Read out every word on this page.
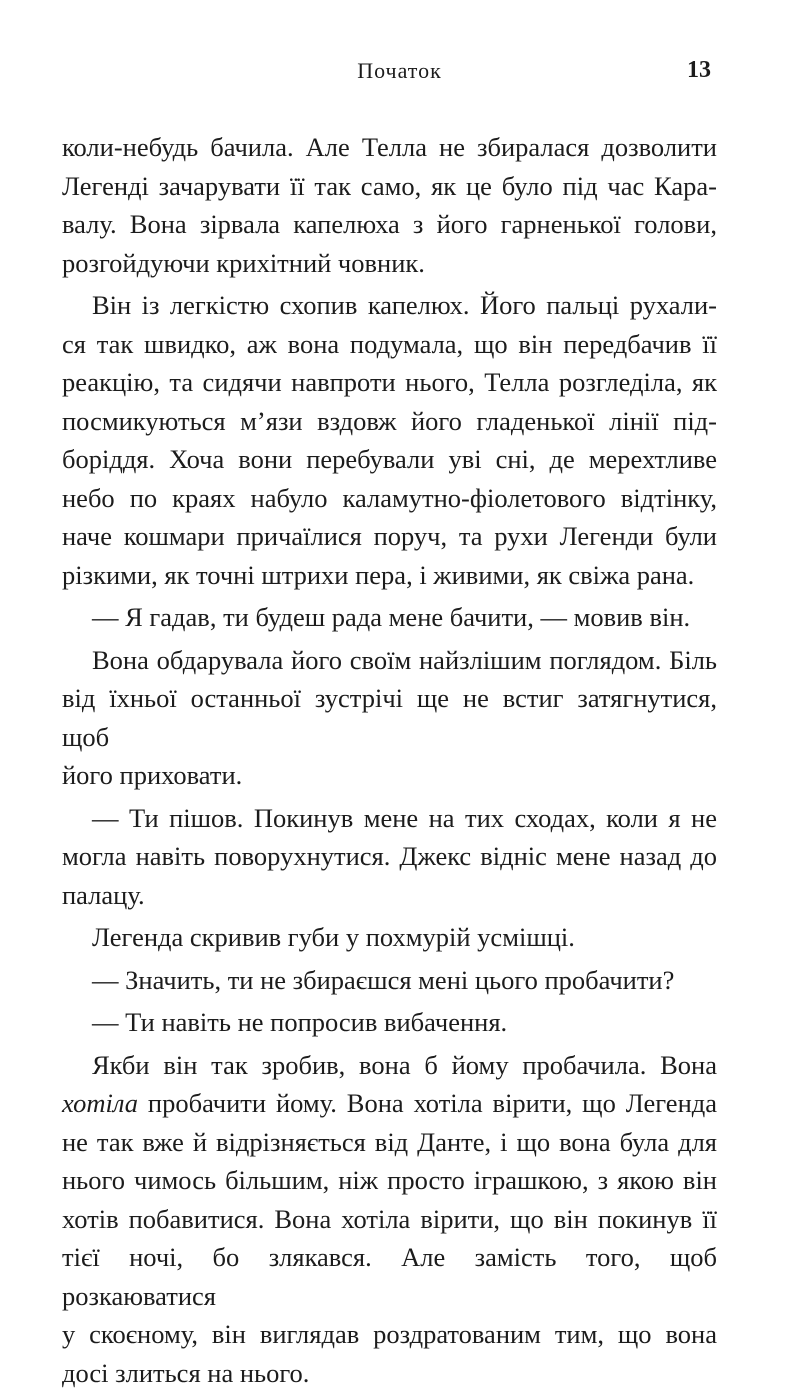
Початок	13
коли-небудь бачила. Але Телла не збиралася дозволити
Легенді зачарувати її так само, як це було під час Кара-
валу. Вона зірвала капелюха з його гарненької голови,
розгойдуючи крихітний човник.
Він із легкістю схопив капелюх. Його пальці рухали-
ся так швидко, аж вона подумала, що він передбачив її
реакцію, та сидячи навпроти нього, Телла розгледіла, як
посмикуються м’язи вздовж його гладенької лінії під-
боріддя. Хоча вони перебували уві сні, де мерехтливе
небо по краях набуло каламутно-фіолетового відтінку,
наче кошмари причаїлися поруч, та рухи Легенди були
різкими, як точні штрихи пера, і живими, як свіжа рана.
— Я гадав, ти будеш рада мене бачити, — мовив він.
Вона обдарувала його своїм найзлішим поглядом. Біль
від їхньої останньої зустрічі ще не встиг затягнутися, щоб
його приховати.
— Ти пішов. Покинув мене на тих сходах, коли я не
могла навіть поворухнутися. Джекс відніс мене назад до
палацу.
Легенда скривив губи у похмурій усмішці.
— Значить, ти не збираєшся мені цього пробачити?
— Ти навіть не попросив вибачення.
Якби він так зробив, вона б йому пробачила. Вона
хотіла пробачити йому. Вона хотіла вірити, що Легенда
не так вже й відрізняється від Данте, і що вона була для
нього чимось більшим, ніж просто іграшкою, з якою він
хотів побавитися. Вона хотіла вірити, що він покинув її
тієї ночі, бо злякався. Але замість того, щоб розкаюватися
у скоєному, він виглядав роздратованим тим, що вона
досі злиться на нього.
